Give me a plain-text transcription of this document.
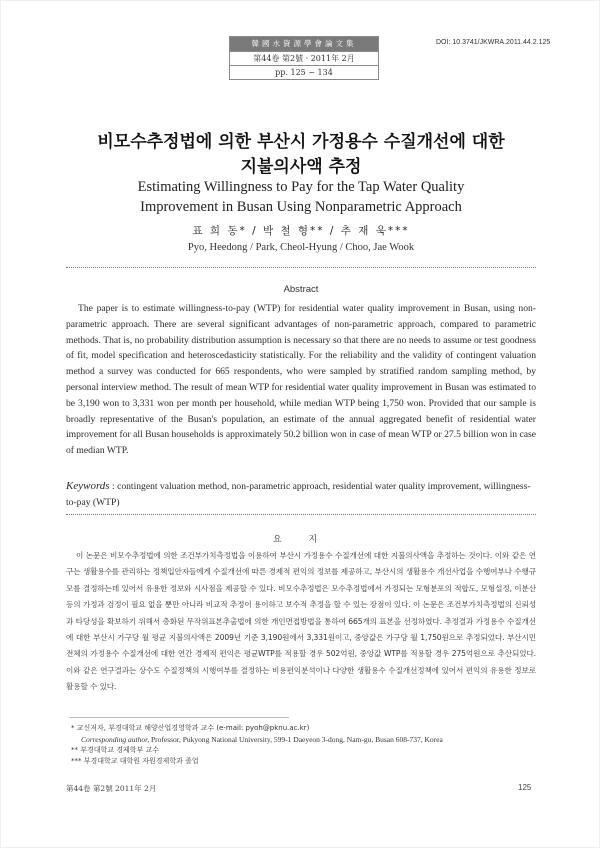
韓國水資源學會論文集
第44卷 第2號 · 2011年 2月
pp. 125 ~ 134
DOI: 10.3741/JKWRA.2011.44.2.125
비모수추정법에 의한 부산시 가정용수 수질개선에 대한
지불의사액 추정
Estimating Willingness to Pay for the Tap Water Quality
Improvement in Busan Using Nonparametric Approach
표 희 동* / 박 철 형** / 추 재 욱***
Pyo, Heedong / Park, Cheol-Hyung / Choo, Jae Wook
Abstract
The paper is to estimate willingness-to-pay (WTP) for residential water quality improvement in Busan, using non-parametric approach. There are several significant advantages of non-parametric approach, compared to parametric methods. That is, no probability distribution assumption is necessary so that there are no needs to assume or test goodness of fit, model specification and heteroscedasticity statistically. For the reliability and the validity of contingent valuation method a survey was conducted for 665 respondents, who were sampled by stratified random sampling method, by personal interview method. The result of mean WTP for residential water quality improvement in Busan was estimated to be 3,190 won to 3,331 won per month per household, while median WTP being 1,750 won. Provided that our sample is broadly representative of the Busan's population, an estimate of the annual aggregated benefit of residential water improvement for all Busan households is approximately 50.2 billion won in case of mean WTP or 27.5 billion won in case of median WTP.
Keywords : contingent valuation method, non-parametric approach, residential water quality improvement, willingness-to-pay (WTP)
요 지
이 논문은 비모수추정법에 의한 조건부가치측정법을 이용하여 부산시 가정용수 수질개선에 대한 지불의사액을 추정하는 것이다. 이와 같은 연구는 생활용수를 관리하는 정책입안자들에게 수질개선에 따른 경제적 편익의 정보를 제공하고, 부산시의 생활용수 개선사업을 수행여부나 수행규모를 결정하는데 있어서 유용한 정보와 시사점을 제공할 수 있다. 비모수추정법은 모수추정법에서 가정되는 모형분포의 적합도, 모형설정, 이분산 등의 가정과 검정이 필요 없을 뿐만 아니라 비교적 추정이 용이하고 보수적 추정을 할 수 있는 장점이 있다. 이 논문은 조건부가치측정법의 신뢰성과 타당성을 확보하기 위해서 층화된 무작위표본추출법에 의한 개인면접방법을 통하여 665개의 표본을 선정하였다. 추정결과 가정용수 수질개선에 대한 부산시 가구당 월 평균 지불의사액은 2009년 기준 3,190원에서 3,331원이고, 중앙값은 가구당 월 1,750원으로 추정되었다. 부산시민 전체의 가정용수 수질개선에 대한 연간 경제적 편익은 평균WTP를 적용할 경우 502억원, 중앙값 WTP를 적용할 경우 275억원으로 추산되었다. 이와 같은 연구결과는 상수도 수질정책의 시행여부를 결정하는 비용편익분석이나 다양한 생활용수 수질개선정책에 있어서 편익의 유용한 정보로 활용할 수 있다.
* 교신저자, 부경대학교 해양산업경영학과 교수 (e-mail: pyoh@pknu.ac.kr)
Corresponding author, Professor, Pukyong National University, 599-1 Daeyeon 3-dong, Nam-gu, Busan 608-737, Korea
** 부경대학교 경제학부 교수
*** 부경대학교 대학원 자원경제학과 졸업
第44卷 第2號 2011年 2月	125
